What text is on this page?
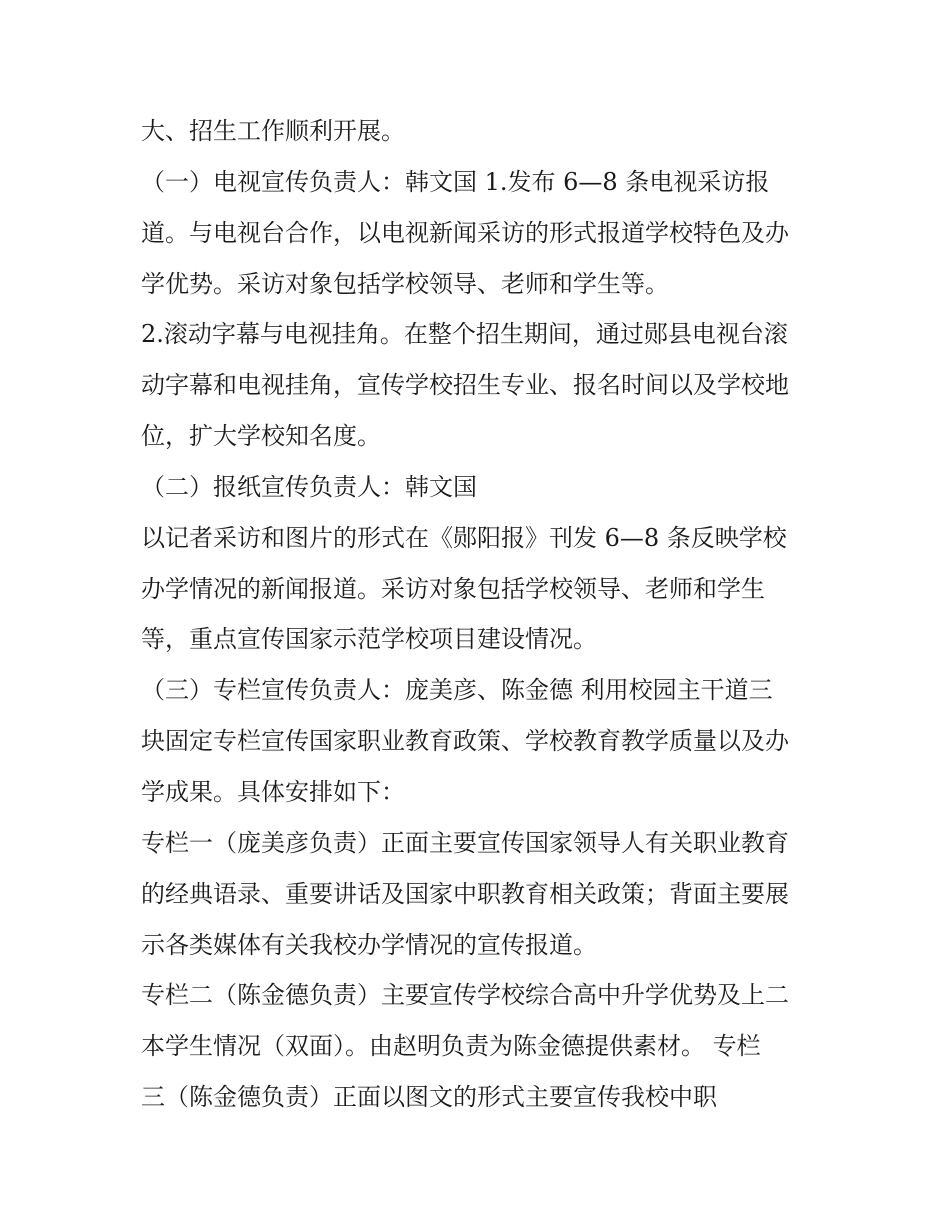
大、招生工作顺利开展。

（一）电视宣传负责人：韩文国 1.发布 6—8 条电视采访报

道。与电视台合作，以电视新闻采访的形式报道学校特色及办

学优势。采访对象包括学校领导、老师和学生等。

2.滚动字幕与电视挂角。在整个招生期间，通过郧县电视台滚

动字幕和电视挂角，宣传学校招生专业、报名时间以及学校地

位，扩大学校知名度。

（二）报纸宣传负责人：韩文国

以记者采访和图片的形式在《郧阳报》刊发 6—8 条反映学校

办学情况的新闻报道。采访对象包括学校领导、老师和学生

等，重点宣传国家示范学校项目建设情况。

（三）专栏宣传负责人：庞美彦、陈金德 利用校园主干道三

块固定专栏宣传国家职业教育政策、学校教育教学质量以及办

学成果。具体安排如下：

专栏一（庞美彦负责）正面主要宣传国家领导人有关职业教育

的经典语录、重要讲话及国家中职教育相关政策；背面主要展

示各类媒体有关我校办学情况的宣传报道。

专栏二（陈金德负责）主要宣传学校综合高中升学优势及上二

本学生情况（双面）。由赵明负责为陈金德提供素材。 专栏

三（陈金德负责）正面以图文的形式主要宣传我校中职
